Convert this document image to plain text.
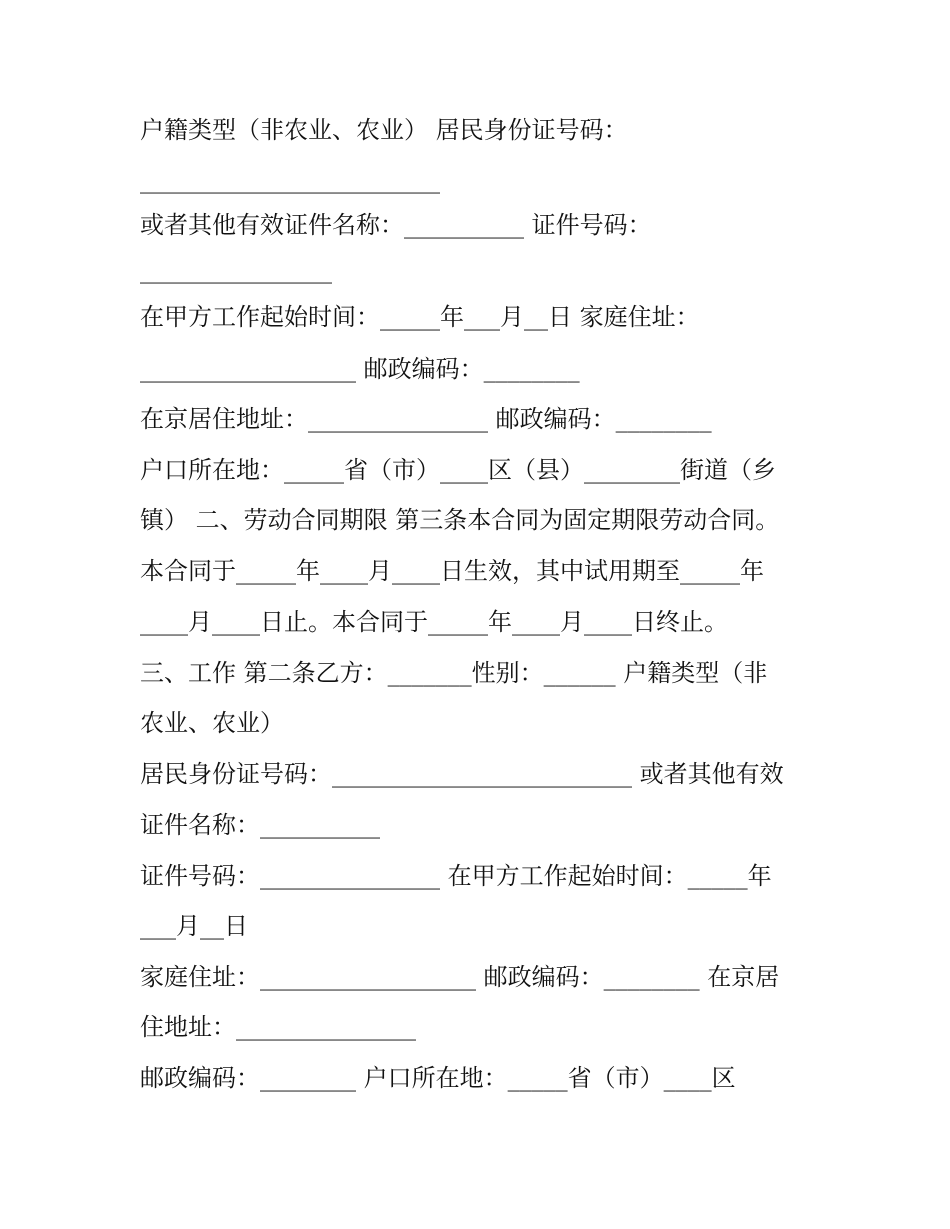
户籍类型（非农业、农业） 居民身份证号码：
_________________________
或者其他有效证件名称：__________ 证件号码：
________________
在甲方工作起始时间：_____年___月__日 家庭住址：
__________________ 邮政编码：________
在京居住地址：_______________ 邮政编码：________
户口所在地：_____省（市）____区（县）________街道（乡
镇） 二、劳动合同期限 第三条本合同为固定期限劳动合同。
本合同于_____年____月____日生效，其中试用期至_____年
____月____日止。本合同于_____年____月____日终止。
三、工作 第二条乙方：_______性别：______ 户籍类型（非
农业、农业）
居民身份证号码：_________________________ 或者其他有效
证件名称：__________
证件号码：_______________ 在甲方工作起始时间：_____年
___月__日
家庭住址：__________________ 邮政编码：________ 在京居
住地址：_______________
邮政编码：________ 户口所在地：_____省（市）____区
